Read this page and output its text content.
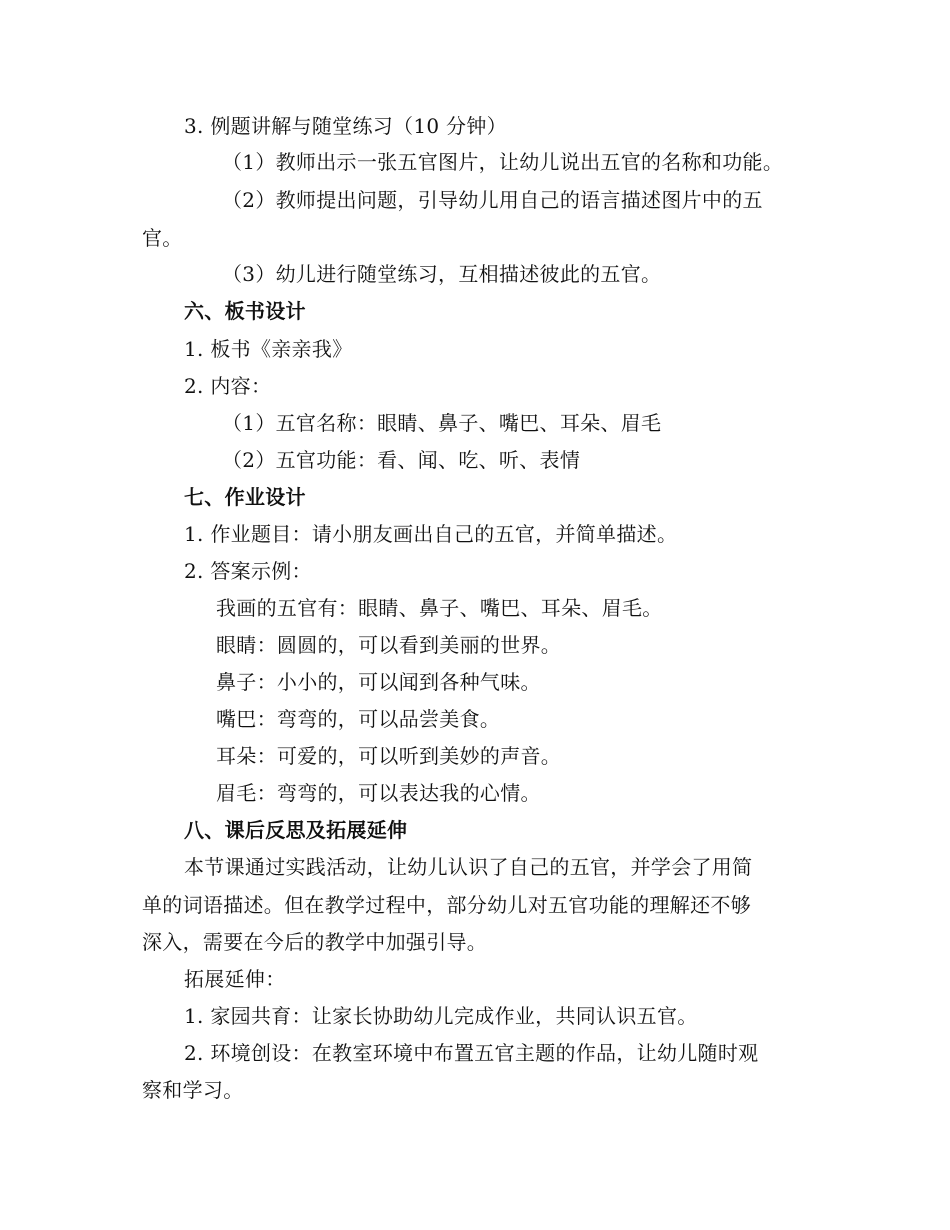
3. 例题讲解与随堂练习（10 分钟）
（1）教师出示一张五官图片，让幼儿说出五官的名称和功能。
（2）教师提出问题，引导幼儿用自己的语言描述图片中的五
官。
（3）幼儿进行随堂练习，互相描述彼此的五官。
六、板书设计
1. 板书《亲亲我》
2. 内容：
（1）五官名称：眼睛、鼻子、嘴巴、耳朵、眉毛
（2）五官功能：看、闻、吃、听、表情
七、作业设计
1. 作业题目：请小朋友画出自己的五官，并简单描述。
2. 答案示例：
我画的五官有：眼睛、鼻子、嘴巴、耳朵、眉毛。
眼睛：圆圆的，可以看到美丽的世界。
鼻子：小小的，可以闻到各种气味。
嘴巴：弯弯的，可以品尝美食。
耳朵：可爱的，可以听到美妙的声音。
眉毛：弯弯的，可以表达我的心情。
八、课后反思及拓展延伸
本节课通过实践活动，让幼儿认识了自己的五官，并学会了用简
单的词语描述。但在教学过程中，部分幼儿对五官功能的理解还不够
深入，需要在今后的教学中加强引导。
拓展延伸：
1. 家园共育：让家长协助幼儿完成作业，共同认识五官。
2. 环境创设：在教室环境中布置五官主题的作品，让幼儿随时观
察和学习。
